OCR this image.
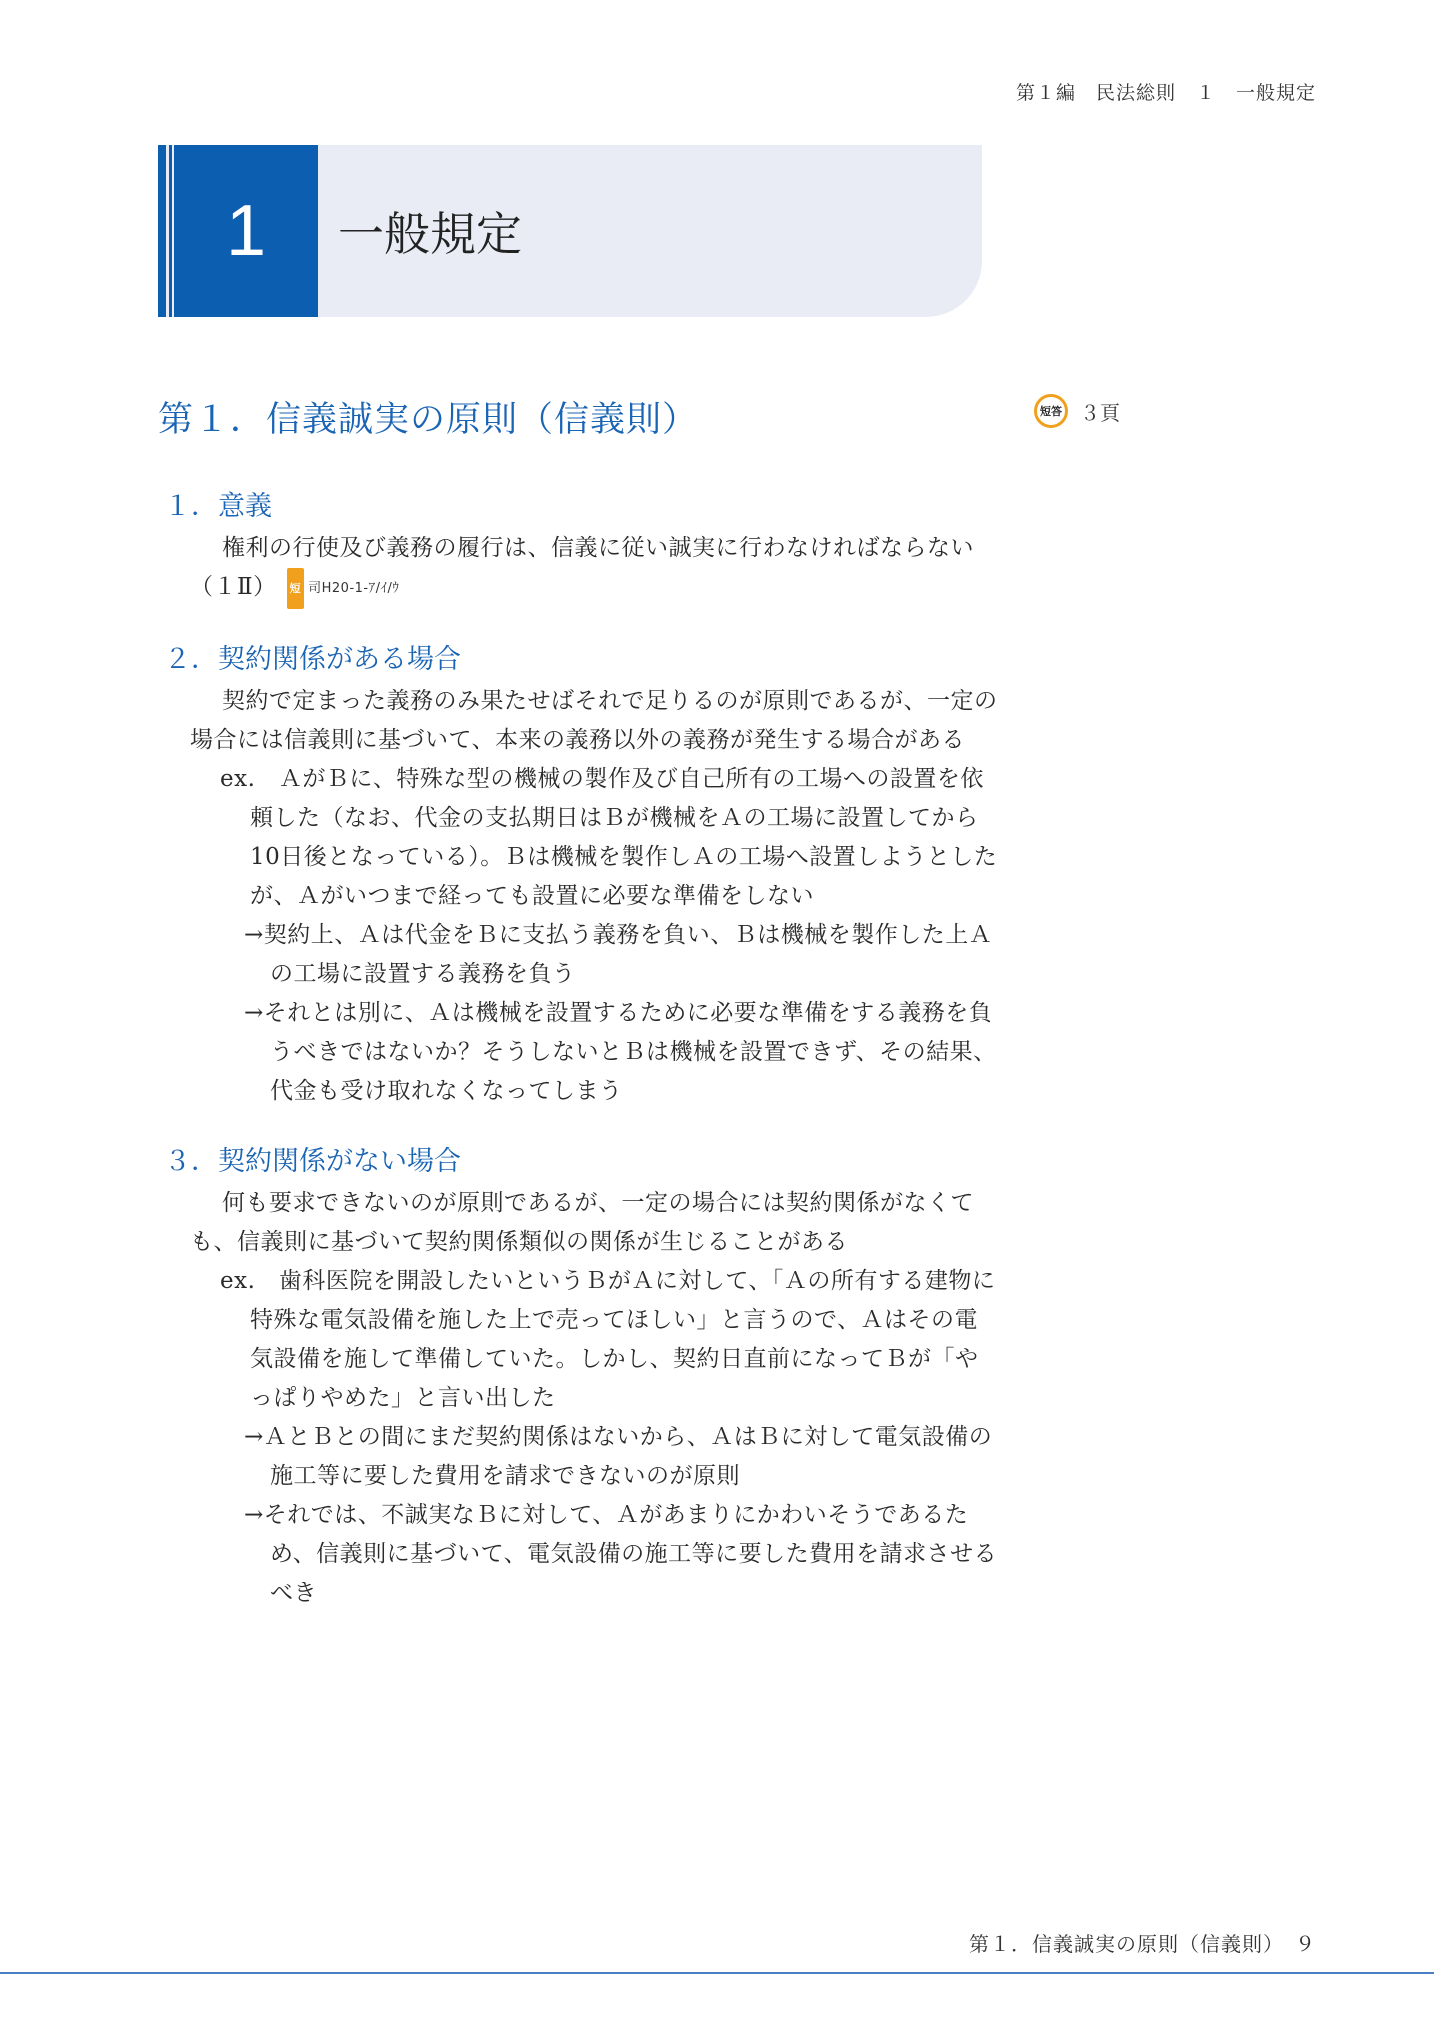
第１編　民法総則　１　一般規定
1	一般規定
第１．信義誠実の原則（信義則）	短答 ３頁
１．意義

権利の行使及び義務の履行は、信義に従い誠実に行わなければならない（１Ⅱ） 短 司H20-1-ｱ/ｲ/ｳ

２．契約関係がある場合

契約で定まった義務のみ果たせばそれで足りるのが原則であるが、一定の場合には信義則に基づいて、本来の義務以外の義務が発生する場合がある

ex.　ＡがＢに、特殊な型の機械の製作及び自己所有の工場への設置を依頼した（なお、代金の支払期日はＢが機械をＡの工場に設置してから10日後となっている）。Ｂは機械を製作しＡの工場へ設置しようとしたが、Ａがいつまで経っても設置に必要な準備をしない

→契約上、Ａは代金をＢに支払う義務を負い、Ｂは機械を製作した上Ａの工場に設置する義務を負う

→それとは別に、Ａは機械を設置するために必要な準備をする義務を負うべきではないか？そうしないとＢは機械を設置できず、その結果、代金も受け取れなくなってしまう

３．契約関係がない場合

何も要求できないのが原則であるが、一定の場合には契約関係がなくても、信義則に基づいて契約関係類似の関係が生じることがある

ex.　歯科医院を開設したいというＢがＡに対して、「Ａの所有する建物に特殊な電気設備を施した上で売ってほしい」と言うので、Ａはその電気設備を施して準備していた。しかし、契約日直前になってＢが「やっぱりやめた」と言い出した

→ＡとＢとの間にまだ契約関係はないから、ＡはＢに対して電気設備の施工等に要した費用を請求できないのが原則

→それでは、不誠実なＢに対して、Ａがあまりにかわいそうであるため、信義則に基づいて、電気設備の施工等に要した費用を請求させるべき

第１．信義誠実の原則（信義則）　９
